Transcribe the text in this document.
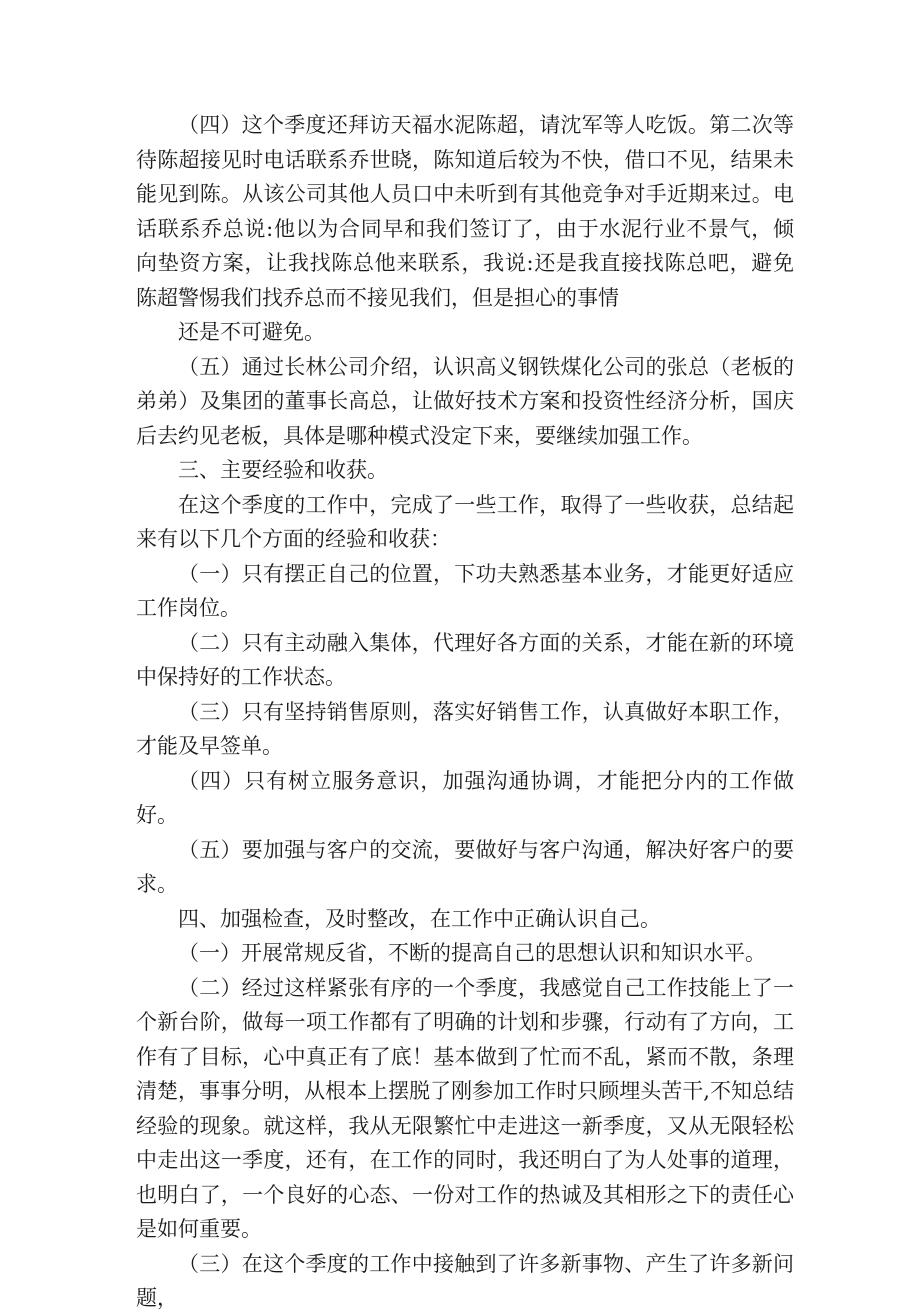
（四）这个季度还拜访天福水泥陈超，请沈军等人吃饭。第二次等待陈超接见时电话联系乔世晓，陈知道后较为不快，借口不见，结果未能见到陈。从该公司其他人员口中未听到有其他竞争对手近期来过。电话联系乔总说:他以为合同早和我们签订了，由于水泥行业不景气，倾向垫资方案，让我找陈总他来联系，我说:还是我直接找陈总吧，避免陈超警惕我们找乔总而不接见我们，但是担心的事情

还是不可避免。

（五）通过长林公司介绍，认识高义钢铁煤化公司的张总（老板的弟弟）及集团的董事长高总，让做好技术方案和投资性经济分析，国庆后去约见老板，具体是哪种模式没定下来，要继续加强工作。

三、主要经验和收获。

在这个季度的工作中，完成了一些工作，取得了一些收获，总结起来有以下几个方面的经验和收获：

（一）只有摆正自己的位置，下功夫熟悉基本业务，才能更好适应工作岗位。

（二）只有主动融入集体，代理好各方面的关系，才能在新的环境中保持好的工作状态。

（三）只有坚持销售原则，落实好销售工作，认真做好本职工作，才能及早签单。

（四）只有树立服务意识，加强沟通协调，才能把分内的工作做好。

（五）要加强与客户的交流，要做好与客户沟通，解决好客户的要求。

四、加强检查，及时整改，在工作中正确认识自己。

（一）开展常规反省，不断的提高自己的思想认识和知识水平。

（二）经过这样紧张有序的一个季度，我感觉自己工作技能上了一个新台阶，做每一项工作都有了明确的计划和步骤，行动有了方向，工作有了目标，心中真正有了底！基本做到了忙而不乱，紧而不散，条理清楚，事事分明，从根本上摆脱了刚参加工作时只顾埋头苦干,不知总结经验的现象。就这样，我从无限繁忙中走进这一新季度，又从无限轻松中走出这一季度，还有，在工作的同时，我还明白了为人处事的道理，也明白了，一个良好的心态、一份对工作的热诚及其相形之下的责任心是如何重要。

（三）在这个季度的工作中接触到了许多新事物、产生了许多新问题，
